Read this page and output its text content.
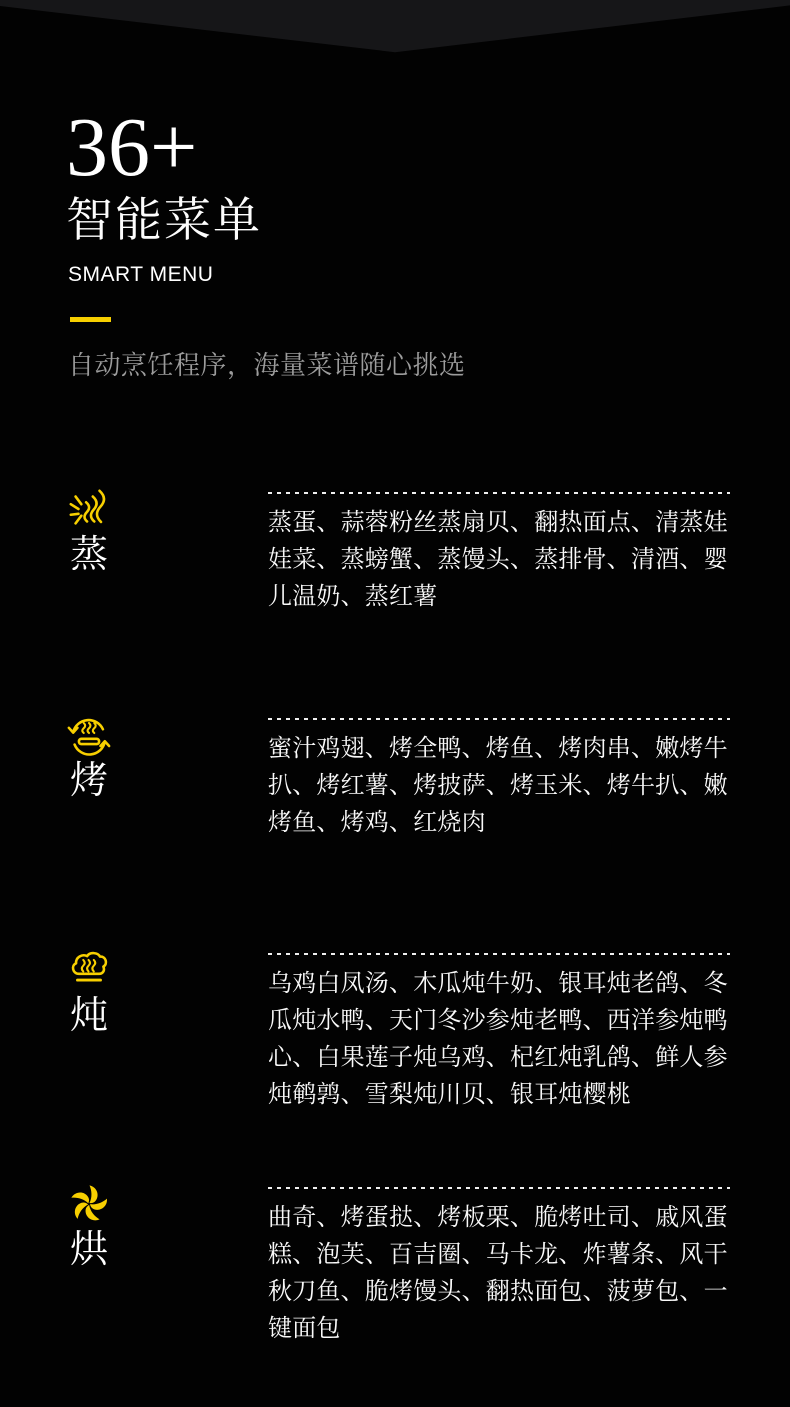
36+
智能菜单
SMART MENU
自动烹饪程序，海量菜谱随心挑选
蒸

蒸蛋、蒜蓉粉丝蒸扇贝、翻热面点、清蒸娃娃菜、蒸螃蟹、蒸馒头、蒸排骨、清酒、婴儿温奶、蒸红薯

烤

蜜汁鸡翅、烤全鸭、烤鱼、烤肉串、嫩烤牛扒、烤红薯、烤披萨、烤玉米、烤牛扒、嫩烤鱼、烤鸡、红烧肉

炖

乌鸡白凤汤、木瓜炖牛奶、银耳炖老鸽、冬瓜炖水鸭、天门冬沙参炖老鸭、西洋参炖鸭心、白果莲子炖乌鸡、杞红炖乳鸽、鲜人参炖鹌鹑、雪梨炖川贝、银耳炖樱桃

烘

曲奇、烤蛋挞、烤板栗、脆烤吐司、戚风蛋糕、泡芙、百吉圈、马卡龙、炸薯条、风干秋刀鱼、脆烤馒头、翻热面包、菠萝包、一键面包
